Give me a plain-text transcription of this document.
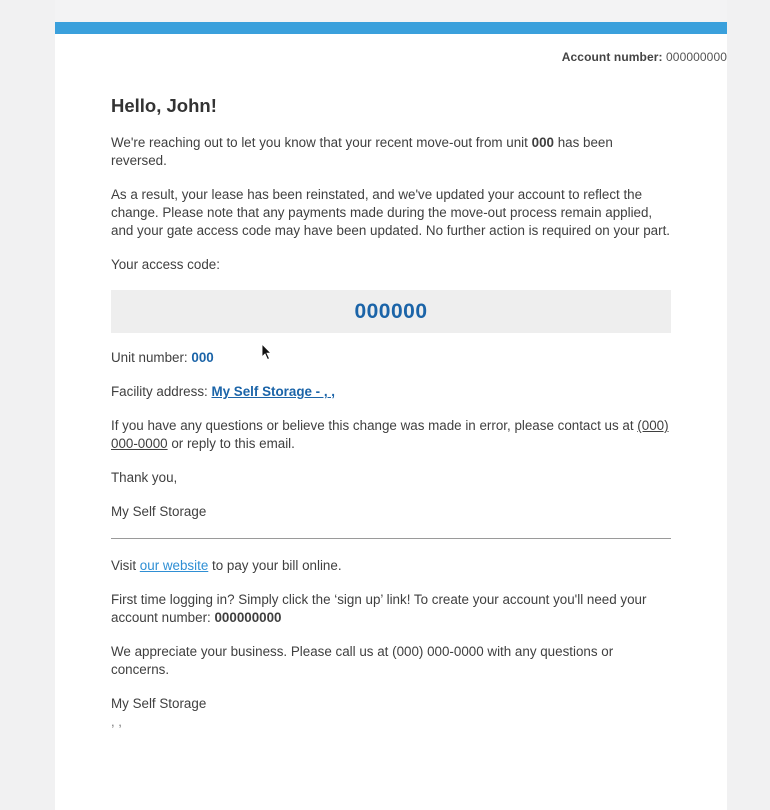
Account number: 000000000

Hello, John!

We're reaching out to let you know that your recent move-out from unit 000 has been reversed.

As a result, your lease has been reinstated, and we've updated your account to reflect the change. Please note that any payments made during the move-out process remain applied, and your gate access code may have been updated. No further action is required on your part.

Your access code:

000000

Unit number: 000

Facility address: My Self Storage - , ,

If you have any questions or believe this change was made in error, please contact us at (000) 000-0000 or reply to this email.

Thank you,

My Self Storage

Visit our website to pay your bill online.

First time logging in? Simply click the ‘sign up’ link! To create your account you'll need your account number: 000000000

We appreciate your business. Please call us at (000) 000-0000 with any questions or concerns.

My Self Storage

, ,
